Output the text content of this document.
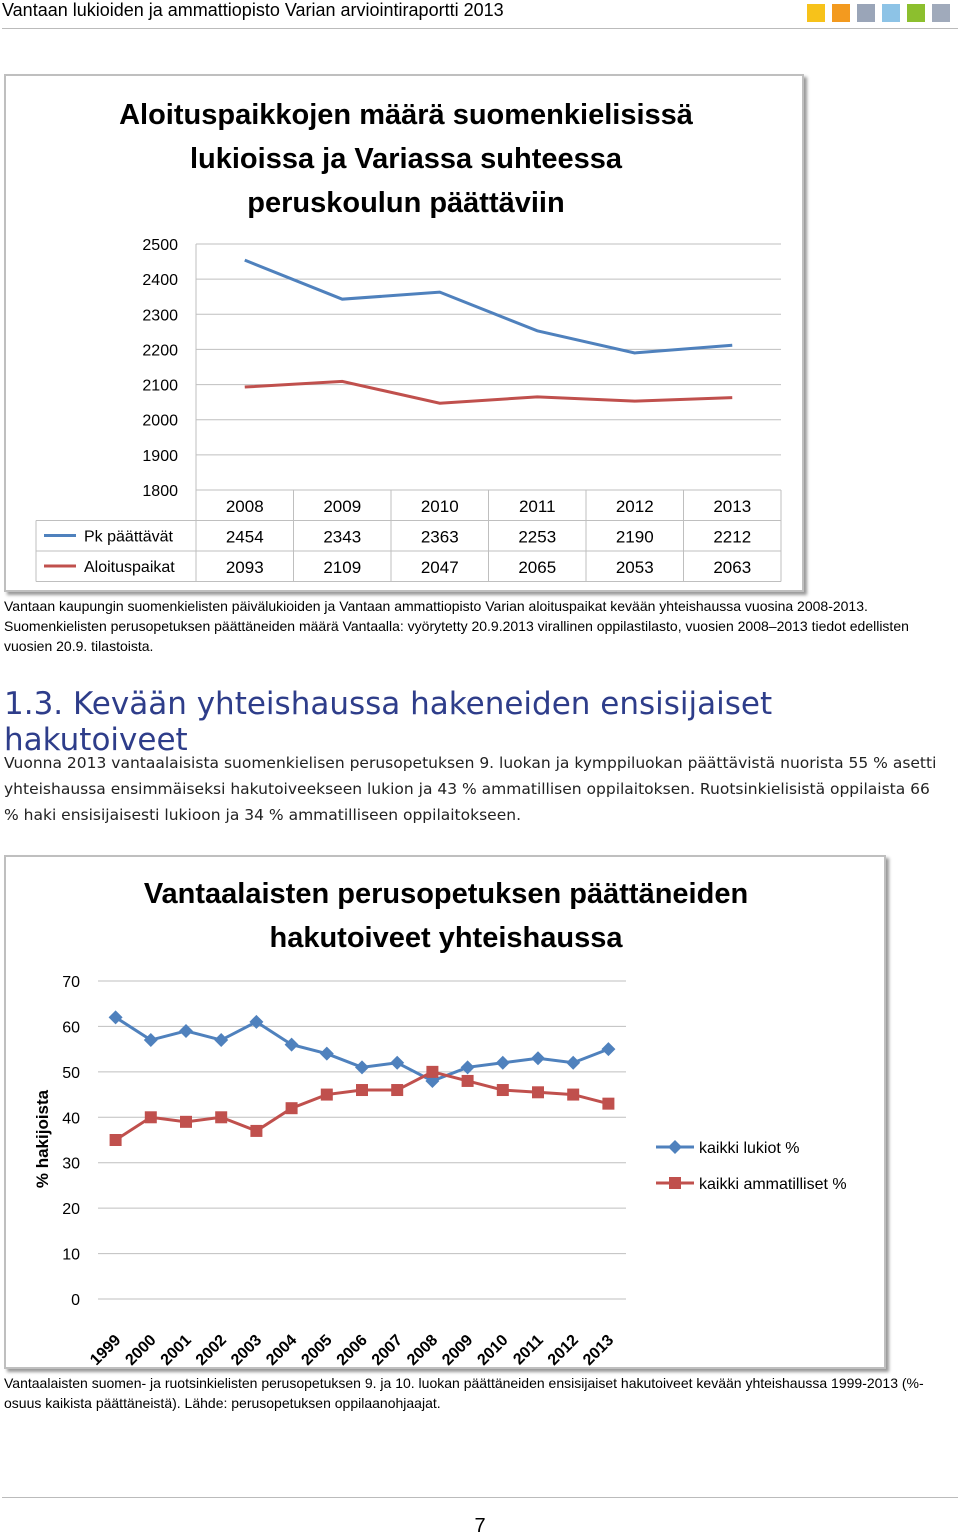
Vantaan lukioiden ja ammattiopisto Varian arviointiraportti 2013
Aloituspaikkojen määrä suomenkielisissä
lukioissa ja Variassa suhteessa
peruskoulun päättäviin
1800
1900
2000
2100
2200
2300
2400
2500
2008	2009	2010	2011	2012	2013
Pk päättävät	2454	2343	2363	2253	2190	2212
Aloituspaikat	2093	2109	2047	2065	2053	2063
Vantaan kaupungin suomenkielisten päivälukioiden ja Vantaan ammattiopisto Varian aloituspaikat kevään yhteishaussa vuosina 2008-2013. Suomenkielisten perusopetuksen päättäneiden määrä Vantaalla: vyörytetty 20.9.2013 virallinen oppilastilasto, vuosien 2008–2013 tiedot edellisten vuosien 20.9. tilastoista.
1.3. Kevään yhteishaussa hakeneiden ensisijaiset hakutoiveet
Vuonna 2013 vantaalaisista suomenkielisen perusopetuksen 9. luokan ja kymppiluokan päättävistä nuorista 55 % asetti yhteishaussa ensimmäiseksi hakutoiveekseen lukion ja 43 % ammatillisen oppilaitoksen. Ruotsinkielisistä oppilaista 66 % haki ensisijaisesti lukioon ja 34 % ammatilliseen oppilaitokseen.
Vantaalaisten perusopetuksen päättäneiden
hakutoiveet yhteishaussa
0
10
20
30
40
50
60
70
% hakijoista
1999
2000
2001
2002
2003
2004
2005
2006
2007
2008
2009
2010
2011
2012
2013
kaikki lukiot %
kaikki ammatilliset %
Vantaalaisten suomen- ja ruotsinkielisten perusopetuksen 9. ja 10. luokan päättäneiden ensisijaiset hakutoiveet kevään yhteishaussa 1999-2013 (%-osuus kaikista päättäneistä). Lähde: perusopetuksen oppilaanohjaajat.
7
